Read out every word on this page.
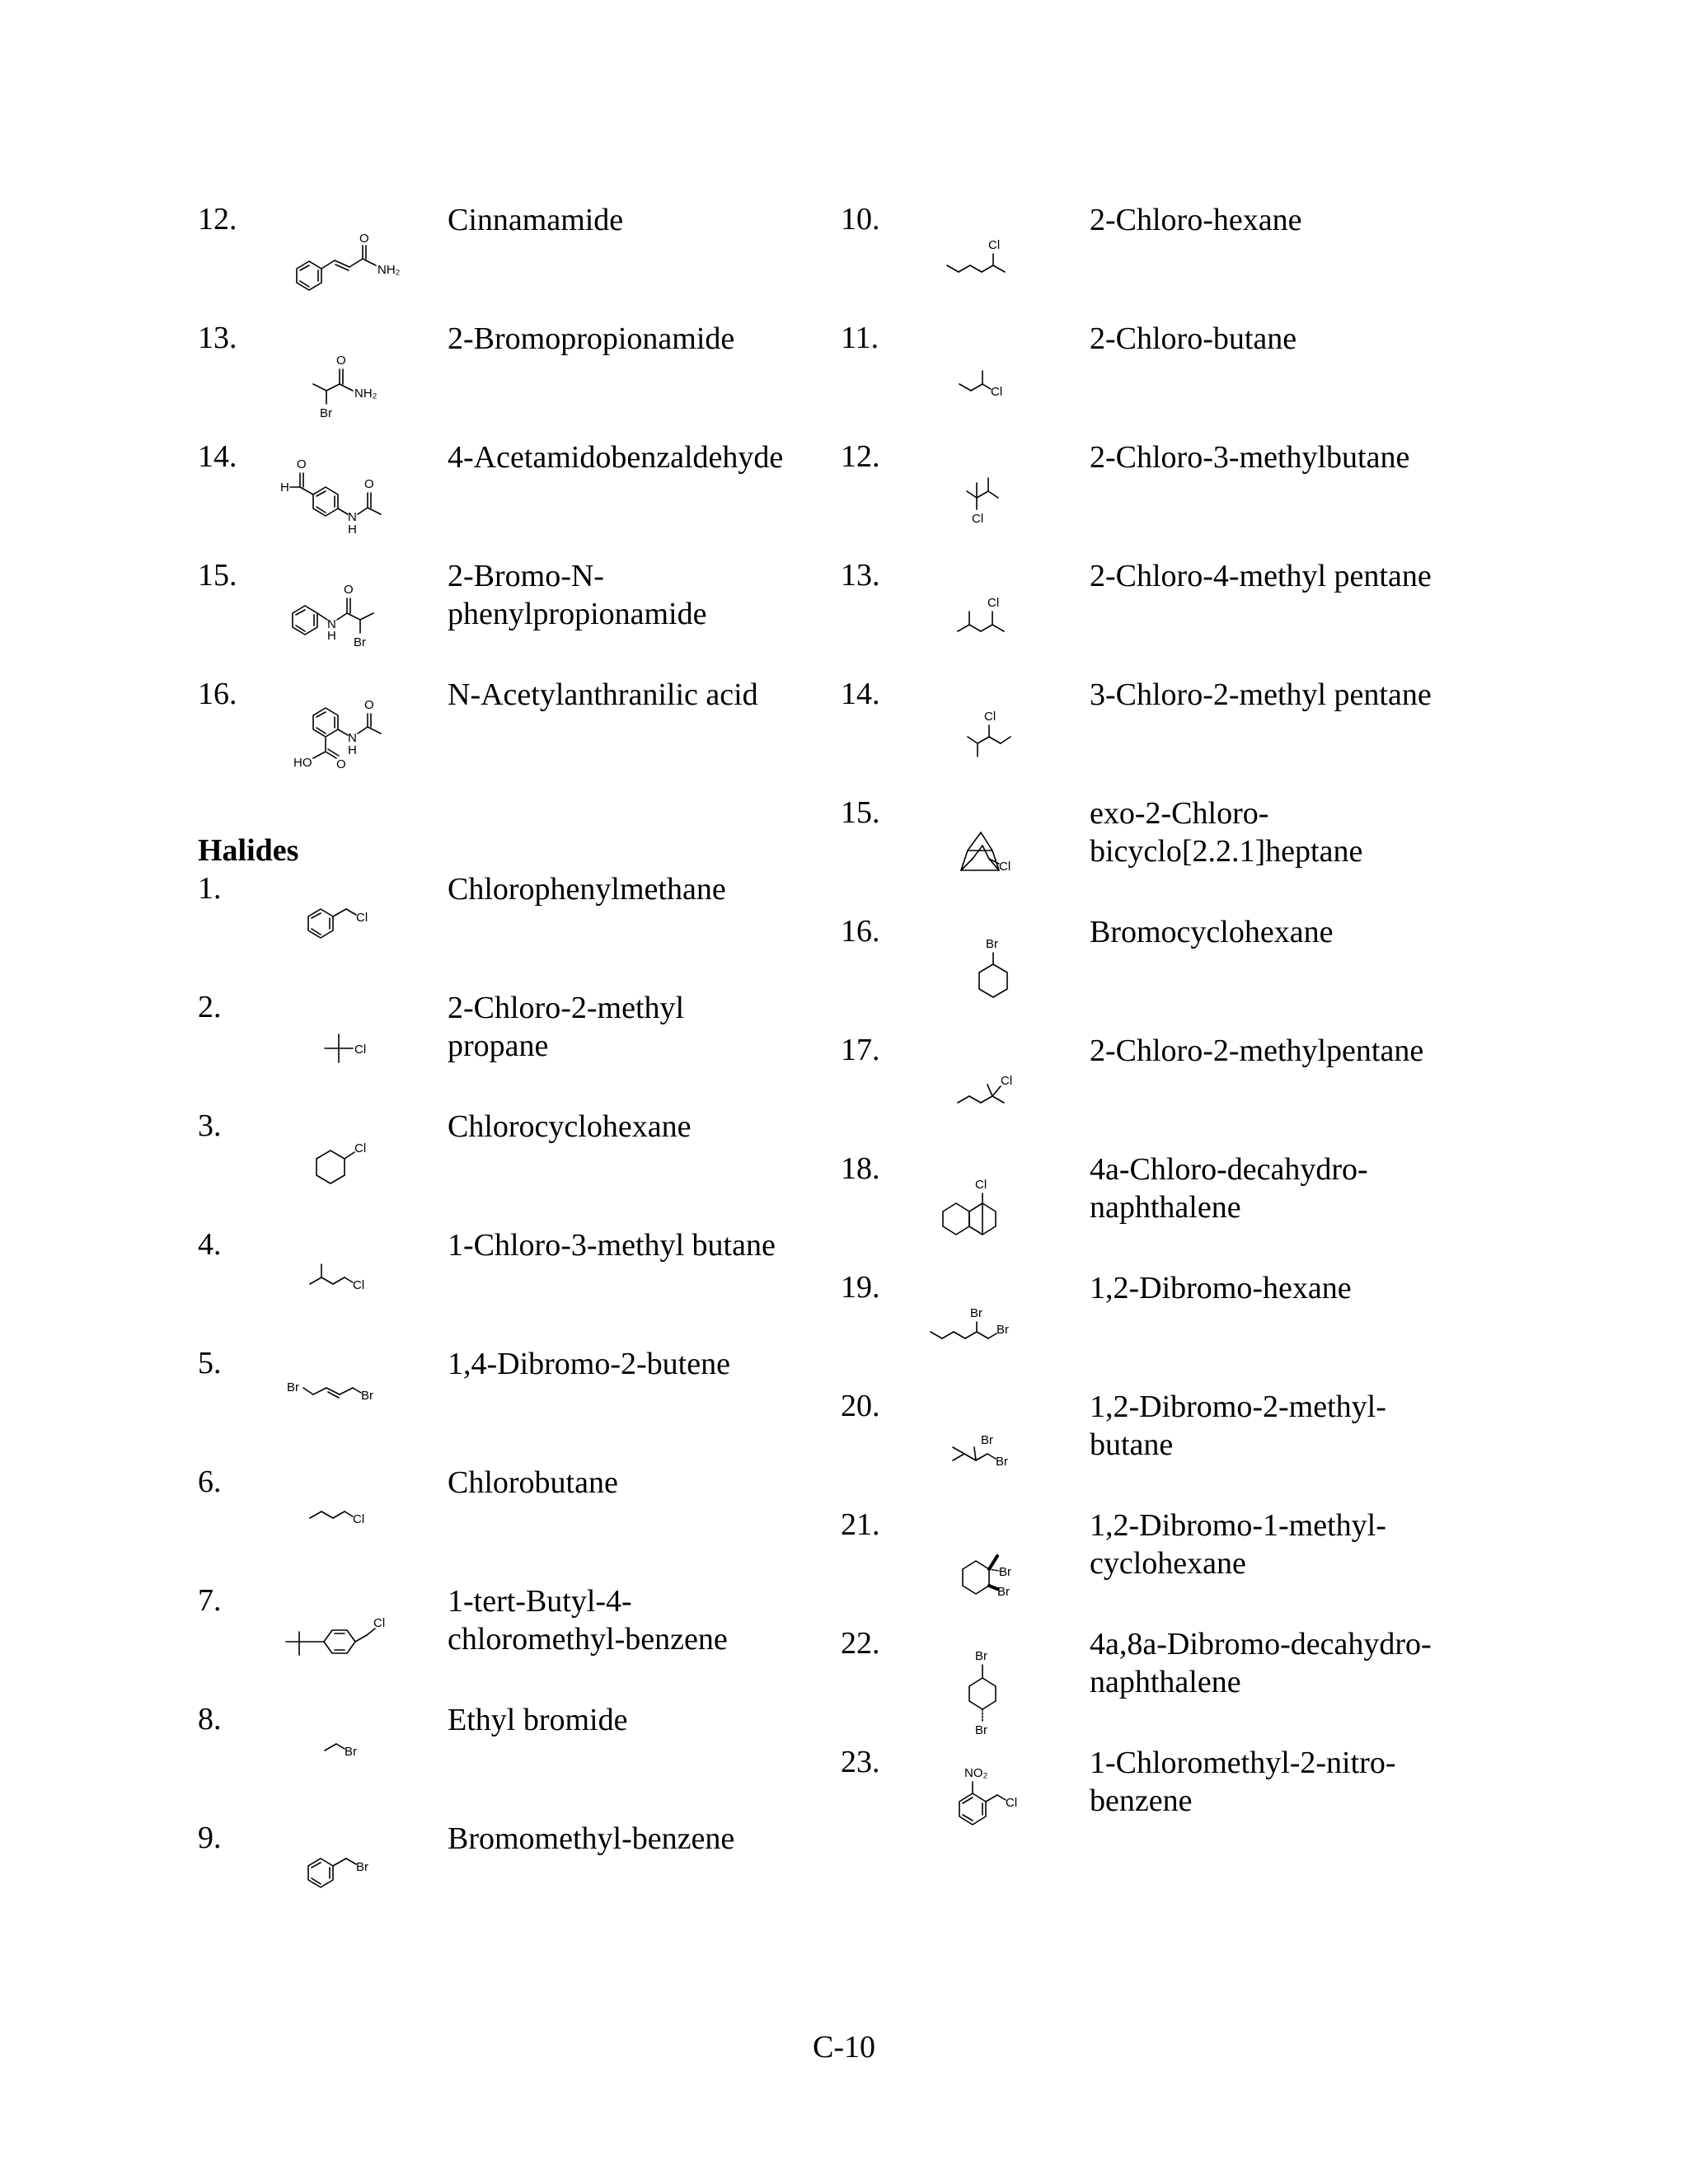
12.	Cinnamamide
O
NH₂
13.	2-Bromopropionamide
O
NH₂
Br
14.	4-Acetamidobenzaldehyde
H
O
N
H
O
15.	2-Bromo-N-
phenylpropionamide
N
H
O
Br
16.	N-Acetylanthranilic acid
N
H
O
HO O
Halides
1.	Chlorophenylmethane
Cl
2.	2-Chloro-2-methyl
propane
Cl
3.	Chlorocyclohexane
Cl
4.	1-Chloro-3-methyl butane
Cl
5.	1,4-Dibromo-2-butene
Br
Br
6.	Chlorobutane
Cl
7.	1-tert-Butyl-4-
chloromethyl-benzene
Cl
8.	Ethyl bromide
Br
9.	Bromomethyl-benzene
Br
10.	2-Chloro-hexane
Cl
11.	2-Chloro-butane
Cl
12.	2-Chloro-3-methylbutane
Cl
13.	2-Chloro-4-methyl pentane
Cl
14.	3-Chloro-2-methyl pentane
Cl
15.	exo-2-Chloro-
bicyclo[2.2.1]heptane
Cl
16.	Bromocyclohexane
Br
17.	2-Chloro-2-methylpentane
Cl
18.	4a-Chloro-decahydro-
naphthalene
Cl
19.	1,2-Dibromo-hexane
Br
Br
20.	1,2-Dibromo-2-methyl-
butane
Br
Br
21.	1,2-Dibromo-1-methyl-
cyclohexane
Br
Br
22.	4a,8a-Dibromo-decahydro-
naphthalene
Br
Br
23.	1-Chloromethyl-2-nitro-
benzene
NO₂
Cl
C-10
